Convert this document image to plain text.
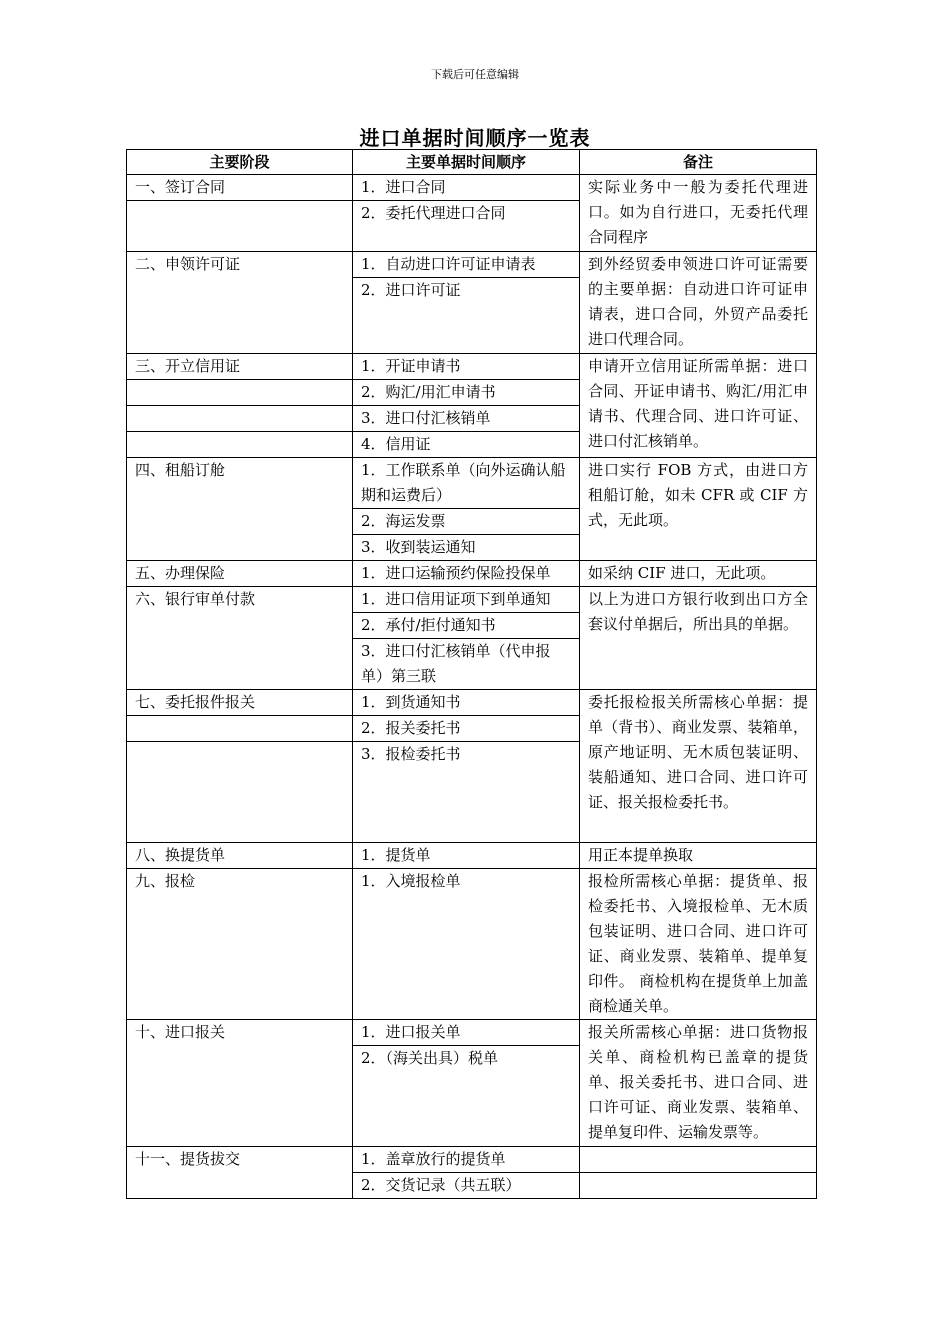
下载后可任意编辑
进口单据时间顺序一览表
主要阶段	主要单据时间顺序	备注
一、签订合同	1．进口合同	实际业务中一般为委托代理进口。如为自行进口，无委托代理合同程序
	2．委托代理进口合同	
二、申领许可证	1．自动进口许可证申请表	到外经贸委申领进口许可证需要的主要单据：自动进口许可证申请表，进口合同，外贸产品委托进口代理合同。
	2．进口许可证	
三、开立信用证	1．开证申请书	申请开立信用证所需单据：进口合同、开证申请书、购汇/用汇申请书、代理合同、进口许可证、进口付汇核销单。
	2．购汇/用汇申请书	
	3．进口付汇核销单	
	4．信用证	
四、租船订舱	1．工作联系单（向外运确认船期和运费后）	进口实行 FOB 方式，由进口方租船订舱，如未 CFR 或 CIF 方式，无此项。
	2．海运发票	
	3．收到装运通知	
五、办理保险	1．进口运输预约保险投保单	如采纳 CIF 进口，无此项。
六、银行审单付款	1．进口信用证项下到单通知	以上为进口方银行收到出口方全套议付单据后，所出具的单据。
	2．承付/拒付通知书	
	3．进口付汇核销单（代申报单）第三联	
七、委托报件报关	1．到货通知书	委托报检报关所需核心单据：提单（背书）、商业发票、装箱单，原产地证明、无木质包装证明、装船通知、进口合同、进口许可证、报关报检委托书。
	2．报关委托书	
	3．报检委托书	
八、换提货单	1．提货单	用正本提单换取
九、报检	1．入境报检单	报检所需核心单据：提货单、报检委托书、入境报检单、无木质包装证明、进口合同、进口许可证、商业发票、装箱单、提单复印件。 商检机构在提货单上加盖商检通关单。
十、进口报关	1．进口报关单	报关所需核心单据：进口货物报关单、商检机构已盖章的提货单、报关委托书、进口合同、进口许可证、商业发票、装箱单、提单复印件、运输发票等。
	2．（海关出具）税单	
十一、提货拔交	1．盖章放行的提货单	
	2．交货记录（共五联）	
